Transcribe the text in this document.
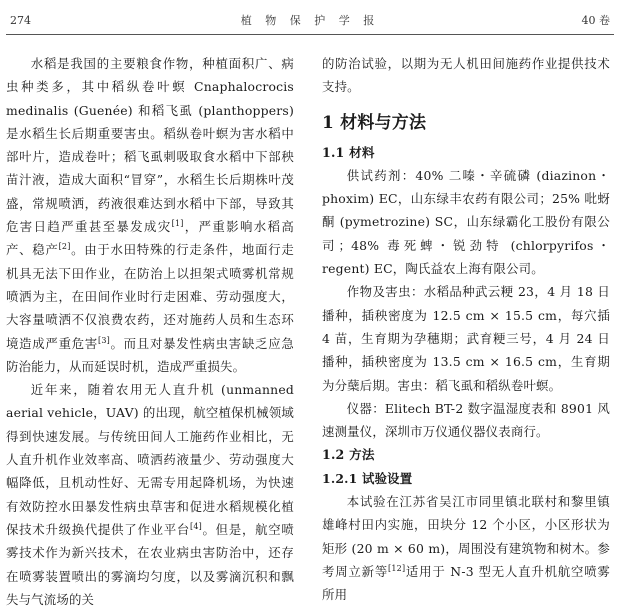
274	植 物 保 护 学 报	40 卷

水稻是我国的主要粮食作物，种植面积广、病虫种类多，其中稻纵卷叶螟 Cnaphalocrocis medinalis (Guenée) 和稻飞虱 (planthoppers) 是水稻生长后期重要害虫。稻纵卷叶螟为害水稻中部叶片，造成卷叶；稻飞虱刺吸取食水稻中下部秧苗汁液，造成大面积“冒穿”，水稻生长后期株叶茂盛，常规喷洒，药液很难达到水稻中下部，导致其危害日趋严重甚至暴发成灾[1]，严重影响水稻高产、稳产[2]。由于水田特殊的行走条件，地面行走机具无法下田作业，在防治上以担架式喷雾机常规喷洒为主，在田间作业时行走困难、劳动强度大，大容量喷洒不仅浪费农药，还对施药人员和生态环境造成严重危害[3]。而且对暴发性病虫害缺乏应急防治能力，从而延误时机，造成严重损失。

近年来，随着农用无人直升机 (unmanned aerial vehicle，UAV) 的出现，航空植保机械领域得到快速发展。与传统田间人工施药作业相比，无人直升机作业效率高、喷洒药液量少、劳动强度大幅降低，且机动性好、无需专用起降机场，为快速有效防控水田暴发性病虫草害和促进水稻规模化植保技术升级换代提供了作业平台[4]。但是，航空喷雾技术作为新兴技术，在农业病虫害防治中，还存在喷雾装置喷出的雾滴均匀度，以及雾滴沉积和飘失与气流场的关

的防治试验，以期为无人机田间施药作业提供技术支持。

1 材料与方法

1.1 材料

供试药剂：40% 二嗪・辛硫磷 (diazinon・phoxim) EC，山东绿丰农药有限公司；25% 吡蚜酮 (pymetrozine) SC，山东绿霸化工股份有限公司；48% 毒死蜱・锐劲特 (chlorpyrifos・regent) EC，陶氏益农上海有限公司。

作物及害虫：水稻品种武云粳 23，4 月 18 日播种，插秧密度为 12.5 cm × 15.5 cm，每穴插 4 苗，生育期为孕穗期；武育粳三号，4 月 24 日播种，插秧密度为 13.5 cm × 16.5 cm，生育期为分蘖后期。害虫：稻飞虱和稻纵卷叶螟。

仪器：Elitech BT-2 数字温湿度表和 8901 风速测量仪，深圳市万仪通仪器仪表商行。

1.2 方法

1.2.1 试验设置

本试验在江苏省吴江市同里镇北联村和黎里镇雄峰村田内实施，田块分 12 个小区，小区形状为矩形 (20 m × 60 m)，周围没有建筑物和树木。参考周立新等[12]适用于 N-3 型无人直升机航空喷雾所用
